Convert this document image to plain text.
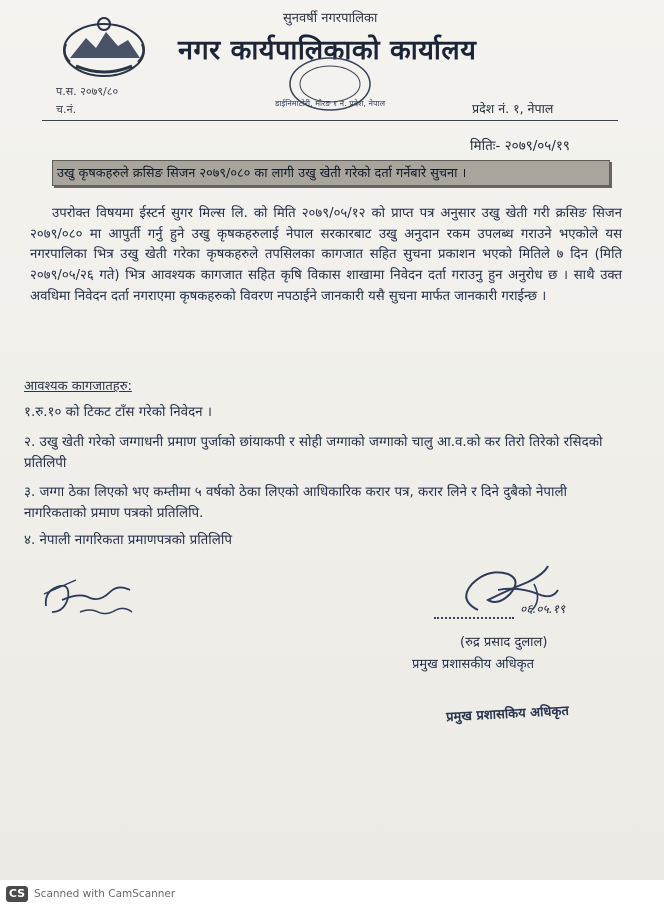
सुनवर्षी नगरपालिका
नगर कार्यपालिकाको कार्यालय
डाईनिमाटोरी, मोरङ १ नं. प्रदेश, नेपाल
प.स. २०७९/८०
च.नं.	प्रदेश नं. १, नेपाल
मितिः- २०७९/०५/१९
उखु कृषकहरुले क्रसिङ सिजन २०७९/०८० का लागी उखु खेती गरेको दर्ता गर्नेबारे सुचना ।
उपरोक्त विषयमा ईस्टर्न सुगर मिल्स लि. को मिति २०७९/०५/१२ को प्राप्त पत्र अनुसार उखु खेती गरी क्रसिङ सिजन २०७९/०८० मा आपुर्ती गर्नु हुने उखु कृषकहरुलाई नेपाल सरकारबाट उखु अनुदान रकम उपलब्ध गराउने भएकोले यस नगरपालिका भित्र उखु खेती गरेका कृषकहरुले तपसिलका कागजात सहित सुचना प्रकाशन भएको मितिले ७ दिन (मिति २०७९/०५/२६ गते) भित्र आवश्यक कागजात सहित कृषि विकास शाखामा निवेदन दर्ता गराउनु हुन अनुरोध छ । साथै उक्त अवधिमा निवेदन दर्ता नगराएमा कृषकहरुको विवरण नपठाईने जानकारी यसै सुचना मार्फत जानकारी गराईन्छ ।
आवश्यक कागजातहरु:
१.रु.१० को टिकट टाँस गरेको निवेदन ।
२. उखु खेती गरेको जग्गाधनी प्रमाण पुर्जाको छांयाकपी र सोही जग्गाको जग्गाको चालु आ.व.को कर तिरो तिरेको रसिदको प्रतिलिपी
३. जग्गा ठेका लिएको भए कम्तीमा ५ वर्षको ठेका लिएको आधिकारिक करार पत्र, करार लिने र दिने दुबैको नेपाली नागरिकताको प्रमाण पत्रको प्रतिलिपि.
४. नेपाली नागरिकता प्रमाणपत्रको प्रतिलिपि
०६.०५.१९
(रुद्र प्रसाद दुलाल)
प्रमुख प्रशासकीय अधिकृत
प्रमुख प्रशासकिय अधिकृत
CS Scanned with CamScanner
